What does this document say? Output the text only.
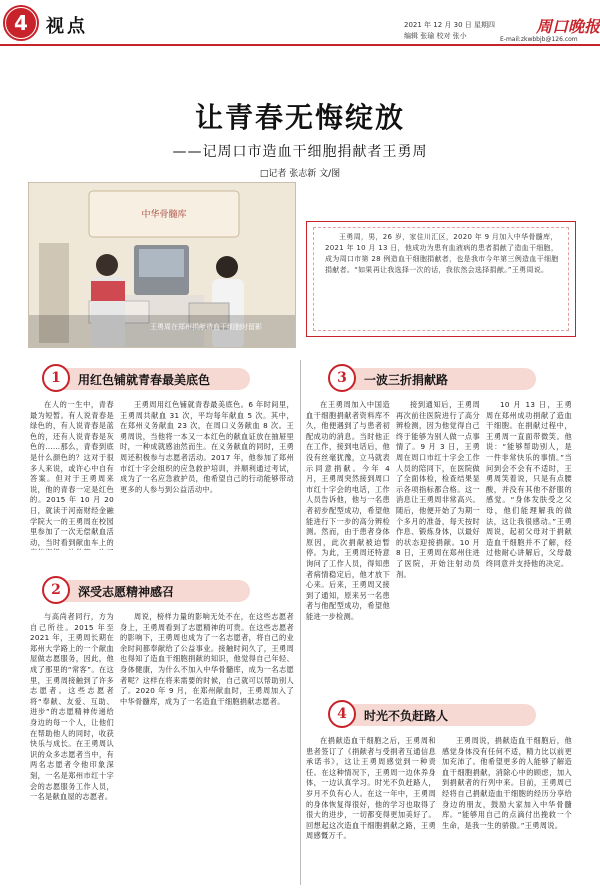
4	视点	2021 年 12 月 30 日 星期四
编辑 张瑜 校对 张小	周口晚报
E-mail:zkwbbjb@126.com
让青春无悔绽放
——记周口市造血干细胞捐献者王勇周
□记者 张志新 文/图
中华骨髓库
王勇周在郑州捐献造血干细胞时留影

王勇周，男，26 岁，家住川汇区，2020 年 9 月加入中华骨髓库，2021 年 10 月 13 日，他成功为患有血液病的患者捐献了造血干细胞，成为周口市第 28 例造血干细胞捐献者，也是我市今年第三例造血干细胞捐献者。“如果再让我选择一次的话，我依然会选择捐献。”王勇周说。

1	用红色铺就青春最美底色

在人的一生中，青春最为短暂。有人说青春是绿色的，有人说青春是蓝色的，还有人说青春是灰色的……那么，青春到底是什么颜色的？这对于很多人来说，或许心中自有答案。但对于王勇周来说，他的青春一定是红色的。2015 年 10 月 20 日，就读于河南财经金融学院大一的王勇周在校园里参加了一次无偿献血活动，当时看到献血车上的

王勇周用红色铺就青春最美底色。6 年时间里，王勇周共献血 31 次，平均每年献血 5 次。其中，在郑州义务献血 23 次，在周口义务献血 8 次。王勇周说，当他将一本又一本红色的献血证放在抽屉里时，一种成就感油然而生。在义务献血的同时，王勇周还积极参与志愿者活动。2017 年，他参加了郑州市红十字会组织的应急救护培训，并顺利通过考试，成为了一名应急救护员，他希望自己的行动能够带动更多的人参与到公益活动中。

2	深受志愿精神感召

与高尚者同行，方为自己所往。2015 年至 2021 年，王勇周长期在郑州大学路上的一个献血屋做志愿服务，因此，他成了那里的“常客”。在这里，王勇周接触到了许多志愿者。这些志愿者将“奉献、友爱、互助、进步”的志愿精神传递给身边的每一个人，让他们在帮助他人的同时，收获快乐与成长。在王勇周认识的众多志愿者当中，有两名志愿者令他印象深刻，一名是郑州市红十字会的志愿服务工作人员，一名是献血屋的志愿者。

周说，榜样力量的影响无处不在，在这些志愿者身上，王勇周看到了志愿精神的可贵。在这些志愿者的影响下，王勇周也成为了一名志愿者，将自己的业余时间都奉献给了公益事业。接触时间久了，王勇周也得知了造血干细胞捐献的知识，他觉得自己年轻、身体健康，为什么不加入中华骨髓库，成为一名志愿者呢？这样在将来需要的时候，自己就可以帮助别人了。2020 年 9 月，在郑州献血时，王勇周加入了中华骨髓库，成为了一名造血干细胞捐献志愿者。

3	一波三折捐献路

在王勇周加入中国造血干细胞捐献者资料库不久，他便遇到了与患者初配成功的消息。当时他正在工作，接到电话后，他没有丝毫犹豫，立马就表示同意捐献。今年 4 月，王勇周突然接到周口市红十字会的电话，工作人员告诉他，他与一名患者初步配型成功，希望他能进行下一步的高分辨检测。然而，由于患者身体原因，此次捐献被迫暂停。为此，王勇周还特意询问了工作人员，得知患者病情稳定后，他才放下心来。后来，王勇周又接到了通知，原来另一名患者与他配型成功，希望他能进一步检测。

接到通知后，王勇周再次前往医院进行了高分辨检测，因为他觉得自己终于能够为别人做一点事情了。9 月 3 日，王勇周在周口市红十字会工作人员的陪同下，在医院做了全面体检，检查结果显示各项指标都合格。这一消息让王勇周非常高兴。随后，他便开始了为期一个多月的准备，每天按时作息、锻炼身体，以最好的状态迎接捐献。10 月 8 日，王勇周在郑州住进了医院，开始注射动员剂。

10 月 13 日，王勇周在郑州成功捐献了造血干细胞。在捐献过程中，王勇周一直面带微笑。他说：“能够帮助别人，是一件非常快乐的事情。”当问到会不会有不适时，王勇周笑着说，只是有点腰酸，并没有其他不舒服的感觉。“身体发肤受之父母，他们能理解我的做法，这让我很感动。”王勇周说，起初父母对于捐献造血干细胞并不了解，经过他耐心讲解后，父母最终同意并支持他的决定。

4	时光不负赶路人

在捐献造血干细胞之后，王勇周和患者签订了《捐献者与受捐者互通信息承诺书》，这让王勇周感觉到一种责任。在这种情况下，王勇周一边休养身体，一边认真学习。时光不负赶路人，岁月不负有心人。在这一年中，王勇周的身体恢复得很好，他的学习也取得了很大的进步，一切都变得更加美好了。回想起这次造血干细胞捐献之路，王勇周感慨万千。

王勇周说，捐献造血干细胞后，他感觉身体没有任何不适，精力比以前更加充沛了。他希望更多的人能够了解造血干细胞捐献，消除心中的顾虑，加入到捐献者的行列中来。目前，王勇周已经将自己捐献造血干细胞的经历分享给身边的朋友，鼓励大家加入中华骨髓库。“能够用自己的点滴付出挽救一个生命，是我一生的骄傲。”王勇周说。
